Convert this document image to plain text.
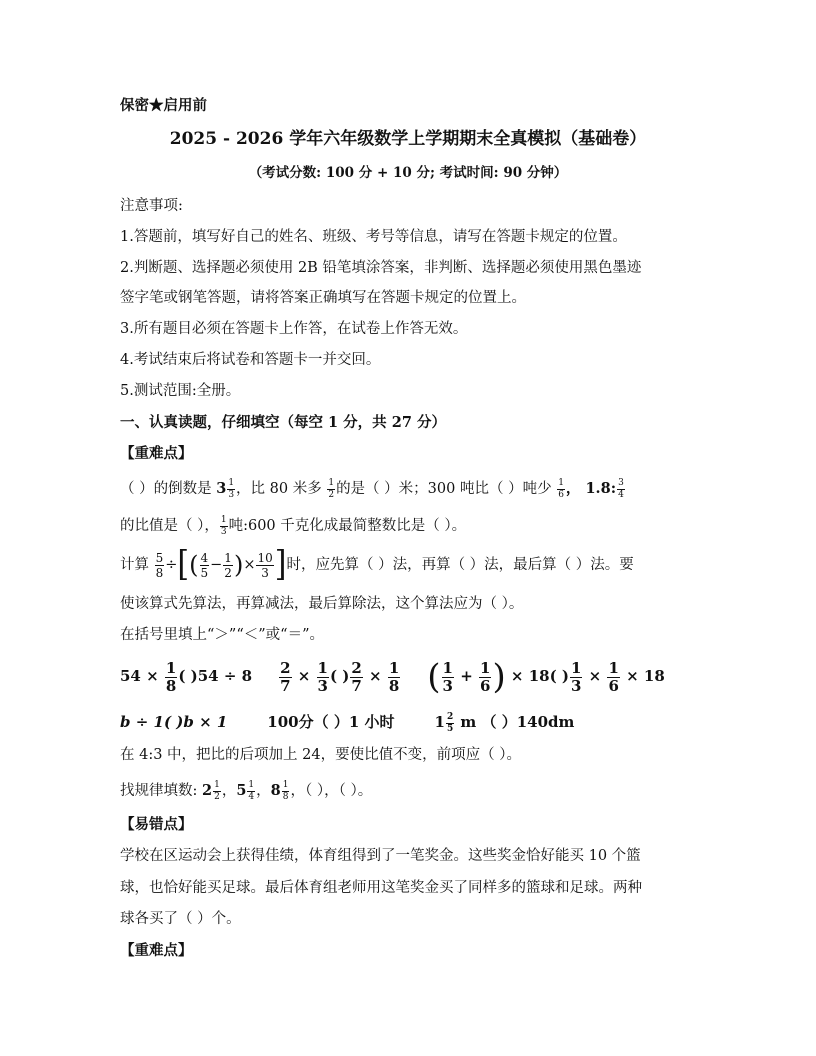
保密★启用前
2025 - 2026 学年六年级数学上学期期末全真模拟（基础卷）
（考试分数: 100 分 + 10 分; 考试时间: 90 分钟）
注意事项:
1.答题前，填写好自己的姓名、班级、考号等信息，请写在答题卡规定的位置。
2.判断题、选择题必须使用 2B 铅笔填涂答案，非判断、选择题必须使用黑色墨迹
签字笔或钢笔答题，请将答案正确填写在答题卡规定的位置上。
3.所有题目必须在答题卡上作答，在试卷上作答无效。
4.考试结束后将试卷和答题卡一并交回。
5.测试范围:全册。
一、认真读题，仔细填空（每空 1 分，共 27 分）
【重难点】
（ ）的倒数是 $3 \frac{1}{3}$ ，比 80 米多 $\frac{1}{2}$ 的是（ ）米；300 吨比（ ）吨少 $\frac{1}{6}$ ， 1.8: $\frac{3}{4}$
的比值是（ ）， $\frac{1}{3}$ 吨:600 千克化成最简整数比是（ ）。
计算 $\frac{5}{8}$ ÷[( $\frac{4}{5} - \frac{1}{2}$ )× $\frac{10}{3}$ ]时，应先算（ ）法，再算（ ）法，最后算（ ）法。要
使该算式先算法，再算减法，最后算除法，这个算法应为（ ）。
在括号里填上“＞”“＜”或“＝”。
$54 \times \frac{1}{8}$ ( )$54 \div 8 \frac{2}{7} \times \frac{1}{3}$ ( ) $\frac{2}{7} \times \frac{1}{8}$ ( $\frac{1}{3} + \frac{1}{6}$ ) × 18( ) $\frac{1}{3} \times \frac{1}{6} \times 18$
b ÷ 1( )b × 1	100分（ ）1 小时	$1 \frac{2}{5}$ m （ ）140dm
在 4:3 中，把比的后项加上 24，要使比值不变，前项应（ ）。
找规律填数: $2 \frac{1}{2}$ ，$5 \frac{1}{4}$ ，$8 \frac{1}{8}$ ，（ ），（ ）。
【易错点】
学校在区运动会上获得佳绩，体育组得到了一笔奖金。这些奖金恰好能买 10 个篮
球，也恰好能买足球。最后体育组老师用这笔奖金买了同样多的篮球和足球。两种
球各买了（ ）个。
【重难点】
